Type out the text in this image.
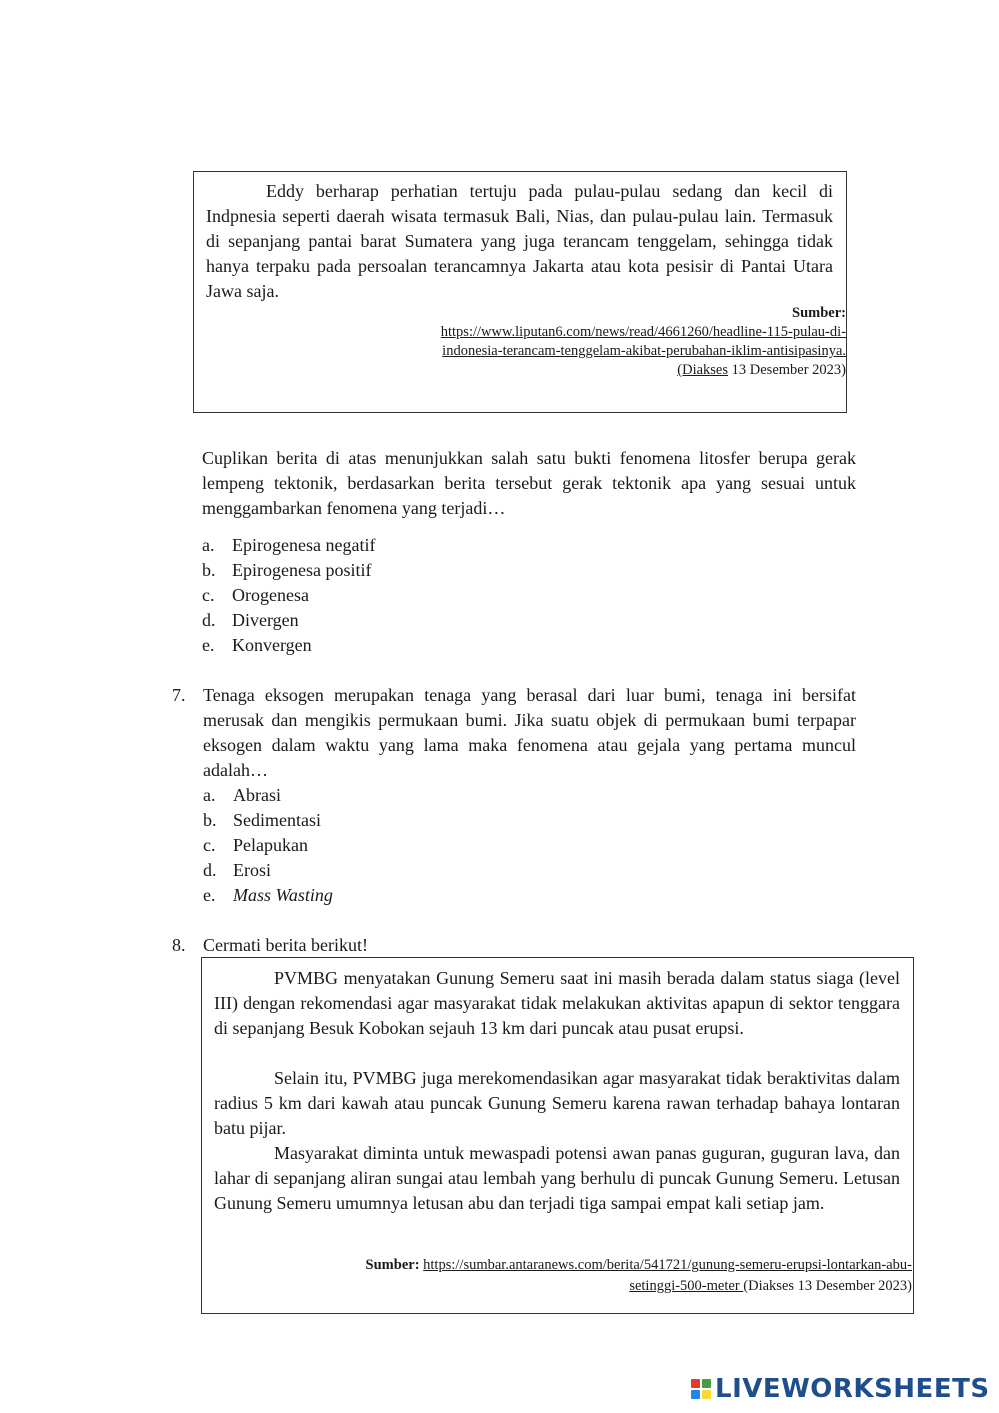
Eddy berharap perhatian tertuju pada pulau-pulau sedang dan kecil di Indpnesia seperti daerah wisata termasuk Bali, Nias, dan pulau-pulau lain. Termasuk di sepanjang pantai barat Sumatera yang juga terancam tenggelam, sehingga tidak hanya terpaku pada persoalan terancamnya Jakarta atau kota pesisir di Pantai Utara Jawa saja.

Sumber:
https://www.liputan6.com/news/read/4661260/headline-115-pulau-di-indonesia-terancam-tenggelam-akibat-perubahan-iklim-antisipasinya.(Diakses 13 Desember 2023)

Cuplikan berita di atas menunjukkan salah satu bukti fenomena litosfer berupa gerak lempeng tektonik, berdasarkan berita tersebut gerak tektonik apa yang sesuai untuk menggambarkan fenomena yang terjadi…

a. Epirogenesa negatif
b. Epirogenesa positif
c. Orogenesa
d. Divergen
e. Konvergen
7. Tenaga eksogen merupakan tenaga yang berasal dari luar bumi, tenaga ini bersifat merusak dan mengikis permukaan bumi. Jika suatu objek di permukaan bumi terpapar eksogen dalam waktu yang lama maka fenomena atau gejala yang pertama muncul adalah…

a. Abrasi
b. Sedimentasi
c. Pelapukan
d. Erosi
e. Mass Wasting
8. Cermati berita berikut!

PVMBG menyatakan Gunung Semeru saat ini masih berada dalam status siaga (level III) dengan rekomendasi agar masyarakat tidak melakukan aktivitas apapun di sektor tenggara di sepanjang Besuk Kobokan sejauh 13 km dari puncak atau pusat erupsi.

Selain itu, PVMBG juga merekomendasikan agar masyarakat tidak beraktivitas dalam radius 5 km dari kawah atau puncak Gunung Semeru karena rawan terhadap bahaya lontaran batu pijar.

Masyarakat diminta untuk mewaspadi potensi awan panas guguran, guguran lava, dan lahar di sepanjang aliran sungai atau lembah yang berhulu di puncak Gunung Semeru. Letusan Gunung Semeru umumnya letusan abu dan terjadi tiga sampai empat kali setiap jam.

Sumber: https://sumbar.antaranews.com/berita/541721/gunung-semeru-erupsi-lontarkan-abu-setinggi-500-meter (Diakses 13 Desember 2023)
LIVEWORKSHEETS
